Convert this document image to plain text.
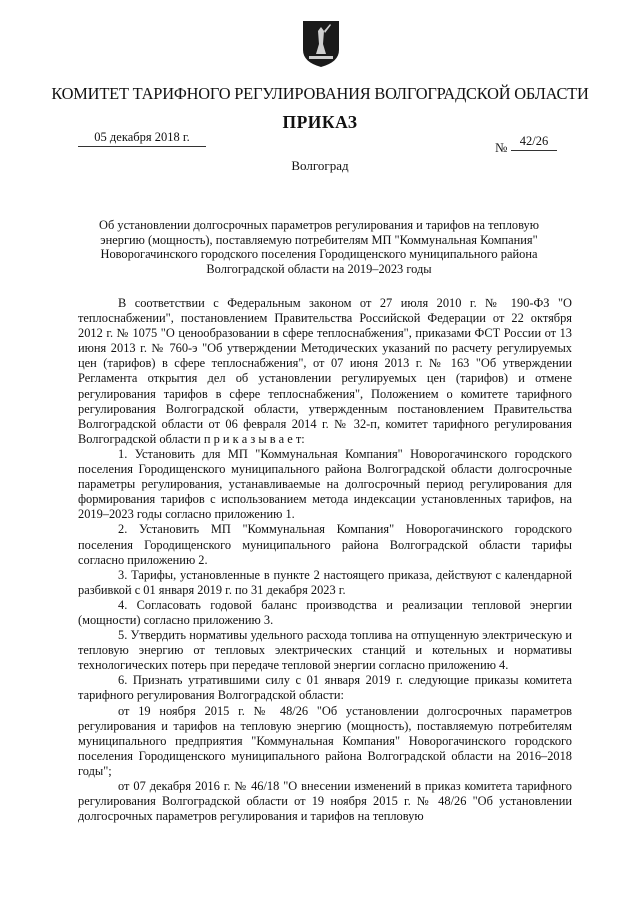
КОМИТЕТ ТАРИФНОГО РЕГУЛИРОВАНИЯ ВОЛГОГРАДСКОЙ ОБЛАСТИ
ПРИКАЗ
05 декабря 2018 г.
№ 42/26
Волгоград
Об установлении долгосрочных параметров регулирования и тарифов на тепловую энергию (мощность), поставляемую потребителям МП "Коммунальная Компания" Новорогачинского городского поселения Городищенского муниципального района Волгоградской области на 2019–2023 годы

В соответствии с Федеральным законом от 27 июля 2010 г. № 190-ФЗ "О теплоснабжении", постановлением Правительства Российской Федерации от 22 октября 2012 г. № 1075 "О ценообразовании в сфере теплоснабжения", приказами ФСТ России от 13 июня 2013 г. № 760-э "Об утверждении Методических указаний по расчету регулируемых цен (тарифов) в сфере теплоснабжения", от 07 июня 2013 г. № 163 "Об утверждении Регламента открытия дел об установлении регулируемых цен (тарифов) и отмене регулирования тарифов в сфере теплоснабжения", Положением о комитете тарифного регулирования Волгоградской области, утвержденным постановлением Правительства Волгоградской области от 06 февраля 2014 г. № 32-п, комитет тарифного регулирования Волгоградской области п р и к а з ы в а е т:

1. Установить для МП "Коммунальная Компания" Новорогачинского городского поселения Городищенского муниципального района Волгоградской области долгосрочные параметры регулирования, устанавливаемые на долгосрочный период регулирования для формирования тарифов с использованием метода индексации установленных тарифов, на 2019–2023 годы согласно приложению 1.

2. Установить МП "Коммунальная Компания" Новорогачинского городского поселения Городищенского муниципального района Волгоградской области тарифы согласно приложению 2.

3. Тарифы, установленные в пункте 2 настоящего приказа, действуют с календарной разбивкой с 01 января 2019 г. по 31 декабря 2023 г.

4. Согласовать годовой баланс производства и реализации тепловой энергии (мощности) согласно приложению 3.

5. Утвердить нормативы удельного расхода топлива на отпущенную электрическую и тепловую энергию от тепловых электрических станций и котельных и нормативы технологических потерь при передаче тепловой энергии согласно приложению 4.

6. Признать утратившими силу с 01 января 2019 г. следующие приказы комитета тарифного регулирования Волгоградской области:

от 19 ноября 2015 г. № 48/26 "Об установлении долгосрочных параметров регулирования и тарифов на тепловую энергию (мощность), поставляемую потребителям муниципального предприятия "Коммунальная Компания" Новорогачинского городского поселения Городищенского муниципального района Волгоградской области на 2016–2018 годы";

от 07 декабря 2016 г. № 46/18 "О внесении изменений в приказ комитета тарифного регулирования Волгоградской области от 19 ноября 2015 г. № 48/26 "Об установлении долгосрочных параметров регулирования и тарифов на тепловую
